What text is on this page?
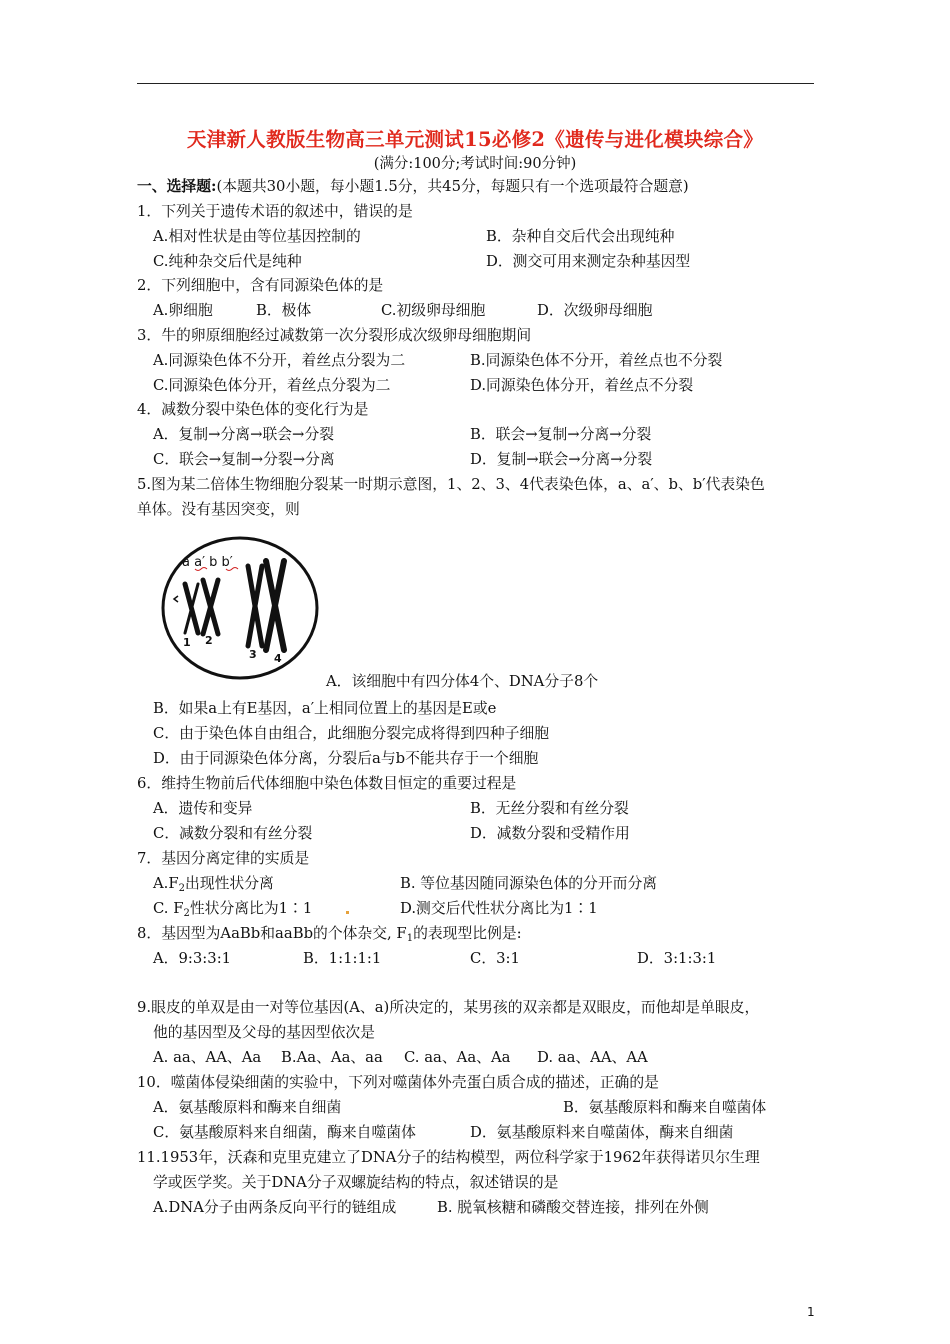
天津新人教版生物高三单元测试15必修2《遗传与进化模块综合》
(满分:100分;考试时间:90分钟)
一、选择题:(本题共30小题，每小题1.5分，共45分，每题只有一个选项最符合题意)
1．下列关于遗传术语的叙述中，错误的是
A.相对性状是由等位基因控制的	B．杂种自交后代会出现纯种
C.纯种杂交后代是纯种	D．测交可用来测定杂种基因型
2．下列细胞中，含有同源染色体的是
A.卵细胞	B．极体	C.初级卵母细胞	D．次级卵母细胞
3．牛的卵原细胞经过减数第一次分裂形成次级卵母细胞期间
A.同源染色体不分开，着丝点分裂为二	B.同源染色体不分开，着丝点也不分裂
C.同源染色体分开，着丝点分裂为二	D.同源染色体分开，着丝点不分裂
4．减数分裂中染色体的变化行为是
A．复制→分离→联会→分裂	B．联会→复制→分离→分裂
C．联会→复制→分裂→分离	D．复制→联会→分离→分裂
5.图为某二倍体生物细胞分裂某一时期示意图，1、2、3、4代表染色体，a、a′、b、b′代表染色
单体。没有基因突变，则
a a′ b b′
1 2
3 4
A．该细胞中有四分体4个、DNA分子8个
B．如果a上有E基因，a′上相同位置上的基因是E或e
C．由于染色体自由组合，此细胞分裂完成将得到四种子细胞
D．由于同源染色体分离，分裂后a与b不能共存于一个细胞
6．维持生物前后代体细胞中染色体数目恒定的重要过程是
A．遗传和变异	B．无丝分裂和有丝分裂
C．减数分裂和有丝分裂	D．减数分裂和受精作用
7．基因分离定律的实质是
$A.F_2$出现性状分离	B. 等位基因随同源染色体的分开而分离
C. $F_2$性状分离比为1∶1	D.测交后代性状分离比为1∶1
8．基因型为AaBb和aaBb的个体杂交, $F_1$的表现型比例是:
A．9:3:3:1	B．1:1:1:1	C．3:1	D．3:1:3:1
9.眼皮的单双是由一对等位基因(A、a)所决定的，某男孩的双亲都是双眼皮，而他却是单眼皮，
他的基因型及父母的基因型依次是
A. aa、AA、Aa B.Aa、Aa、aa C. aa、Aa、Aa D. aa、AA、AA
10．噬菌体侵染细菌的实验中，下列对噬菌体外壳蛋白质合成的描述，正确的是
A．氨基酸原料和酶来自细菌	B．氨基酸原料和酶来自噬菌体
C．氨基酸原料来自细菌，酶来自噬菌体	D．氨基酸原料来自噬菌体，酶来自细菌
11.1953年，沃森和克里克建立了DNA分子的结构模型，两位科学家于1962年获得诺贝尔生理
学或医学奖。关于DNA分子双螺旋结构的特点，叙述错误的是
A.DNA分子由两条反向平行的链组成	B. 脱氧核糖和磷酸交替连接，排列在外侧
1
